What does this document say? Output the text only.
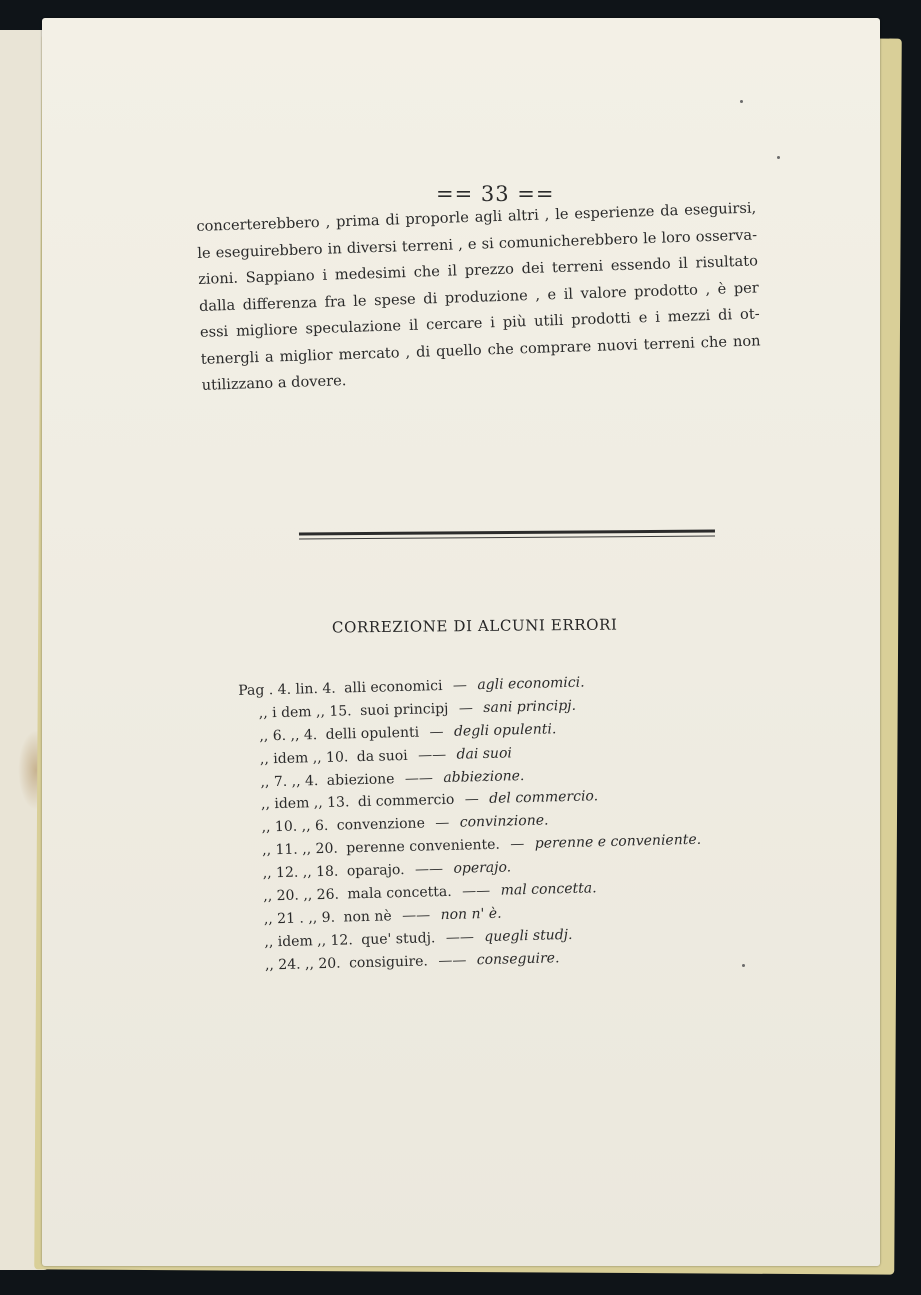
== 33 ==
concerterebbero , prima di proporle agli altri , le esperienze da eseguirsi,
le eseguirebbero in diversi terreni , e si comunicherebbero le loro osserva-
zioni. Sappiano i medesimi che il prezzo dei terreni essendo il risultato
dalla differenza fra le spese di produzione , e il valore prodotto , è per
essi migliore speculazione il cercare i più utili prodotti e i mezzi di ot-
tenergli a miglior mercato , di quello che comprare nuovi terreni che non
utilizzano a dovere.
CORREZIONE DI ALCUNI ERRORI
Pag . 4. lin. 4. alli economici — agli economici.
,, i dem ,, 15. suoi principj — sani principj.
,, 6. ,, 4. delli opulenti — degli opulenti.
,, idem ,, 10. da suoi —— dai suoi
,, 7. ,, 4. abiezione —— abbiezione.
,, idem ,, 13. di commercio — del commercio.
,, 10. ,, 6. convenzione — convinzione.
,, 11. ,, 20. perenne conveniente. — perenne e conveniente.
,, 12. ,, 18. oparajo. —— operajo.
,, 20. ,, 26. mala concetta. —— mal concetta.
,, 21 . ,, 9. non nè —— non n' è.
,, idem ,, 12. que' studj. —— quegli studj.
,, 24. ,, 20. consiguire. —— conseguire.
